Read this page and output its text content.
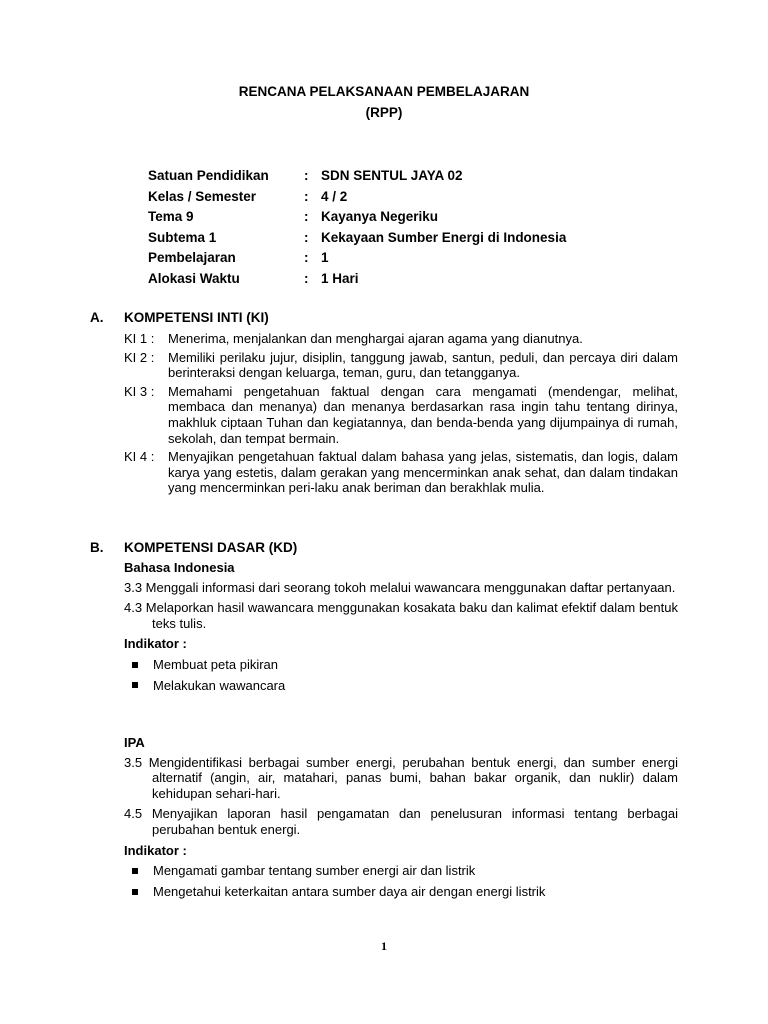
RENCANA PELAKSANAAN PEMBELAJARAN
(RPP)
Satuan Pendidikan	: SDN SENTUL JAYA 02
Kelas / Semester	: 4 / 2
Tema 9	: Kayanya Negeriku
Subtema 1	: Kekayaan Sumber Energi di Indonesia
Pembelajaran	: 1
Alokasi Waktu	: 1 Hari
A.	KOMPETENSI INTI (KI)
KI 1 :	Menerima, menjalankan dan menghargai ajaran agama yang dianutnya.
KI 2 :	Memiliki perilaku jujur, disiplin, tanggung jawab, santun, peduli, dan percaya diri dalam berinteraksi dengan keluarga, teman, guru, dan tetangganya.
KI 3 :	Memahami pengetahuan faktual dengan cara mengamati (mendengar, melihat, membaca dan menanya) dan menanya berdasarkan rasa ingin tahu tentang dirinya, makhluk ciptaan Tuhan dan kegiatannya, dan benda-benda yang dijumpainya di rumah, sekolah, dan tempat bermain.
KI 4 :	Menyajikan pengetahuan faktual dalam bahasa yang jelas, sistematis, dan logis, dalam karya yang estetis, dalam gerakan yang mencerminkan anak sehat, dan dalam tindakan yang mencerminkan peri-laku anak beriman dan berakhlak mulia.
B.	KOMPETENSI DASAR (KD)
Bahasa Indonesia
3.3 Menggali informasi dari seorang tokoh melalui wawancara menggunakan daftar pertanyaan.
4.3 Melaporkan hasil wawancara menggunakan kosakata baku dan kalimat efektif dalam bentuk teks tulis.
Indikator :
Membuat peta pikiran
Melakukan wawancara
IPA
3.5 Mengidentifikasi berbagai sumber energi, perubahan bentuk energi, dan sumber energi alternatif (angin, air, matahari, panas bumi, bahan bakar organik, dan nuklir) dalam kehidupan sehari-hari.
4.5 Menyajikan laporan hasil pengamatan dan penelusuran informasi tentang berbagai perubahan bentuk energi.
Indikator :
Mengamati gambar tentang sumber energi air dan listrik
Mengetahui keterkaitan antara sumber daya air dengan energi listrik
1
